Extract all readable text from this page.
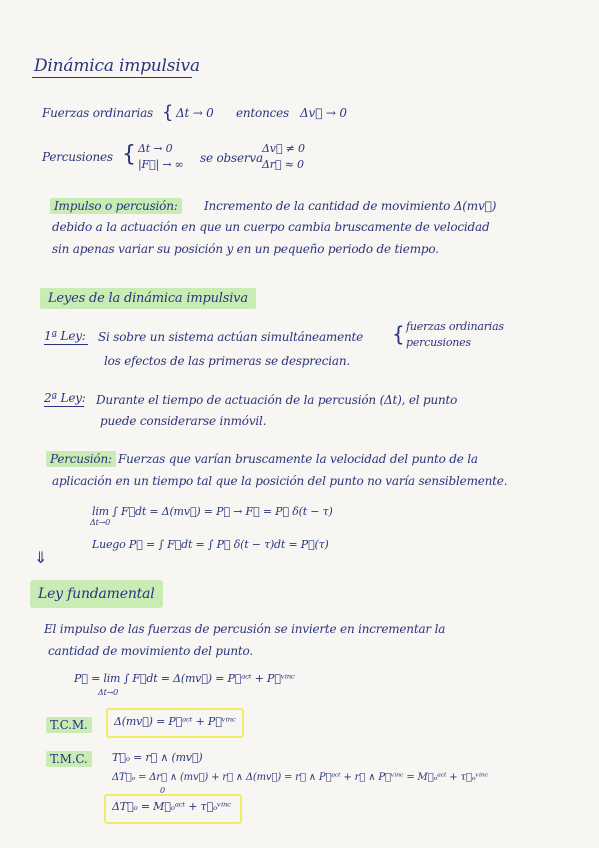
Dinámica impulsiva
Fuerzas ordinarias { Δt → 0 entonces Δv⃗ → 0
Percusiones { Δt → 0
|F⃗| → ∞ se observa
Δv⃗ ≠ 0
Δr⃗ ≈ 0
Impulso o percusión:	Incremento de la cantidad de movimiento Δ(mv⃗)
debido a la actuación en que un cuerpo cambia bruscamente de velocidad
sin apenas variar su posición y en un pequeño periodo de tiempo.
Leyes de la dinámica impulsiva
1ª Ley: Si sobre un sistema actúan simultáneamente { fuerzas ordinarias
percusiones
los efectos de las primeras se desprecian.
2ª Ley: Durante el tiempo de actuación de la percusión (Δt), el punto
puede considerarse inmóvil.
Percusión: Fuerzas que varían bruscamente la velocidad del punto de la
aplicación en un tiempo tal que la posición del punto no varía sensiblemente.
lim ∫ F⃗dt = Δ(mv⃗) = P⃗ → F⃗ = P⃗ δ(t − τ)
Δt→0
Luego P⃗ = ∫ F⃗dt = ∫ P⃗ δ(t − τ)dt = P⃗(τ)
⇓
Ley fundamental
El impulso de las fuerzas de percusión se invierte en incrementar la
cantidad de movimiento del punto.
P⃗ = lim ∫ F⃗dt = Δ(mv⃗) = P⃗ᵃᶜᵗ + P⃗ᵛⁱⁿᶜ
Δt→0
T.C.M.	Δ(mv⃗) = P⃗ᵃᶜᵗ + P⃗ᵛⁱⁿᶜ
T.M.C.	T⃗ₒ = r⃗ ∧ (mv⃗)
ΔT⃗ₒ = Δr⃗ ∧ (mv⃗) + r⃗ ∧ Δ(mv⃗) = r⃗ ∧ P⃗ᵃᶜᵗ + r⃗ ∧ P⃗ᵛⁱⁿᶜ = M⃗ₒᵃᶜᵗ + τ⃗ₒᵛⁱⁿᶜ
0
ΔT⃗ₒ = M⃗ₒᵃᶜᵗ + τ⃗ₒᵛⁱⁿᶜ
